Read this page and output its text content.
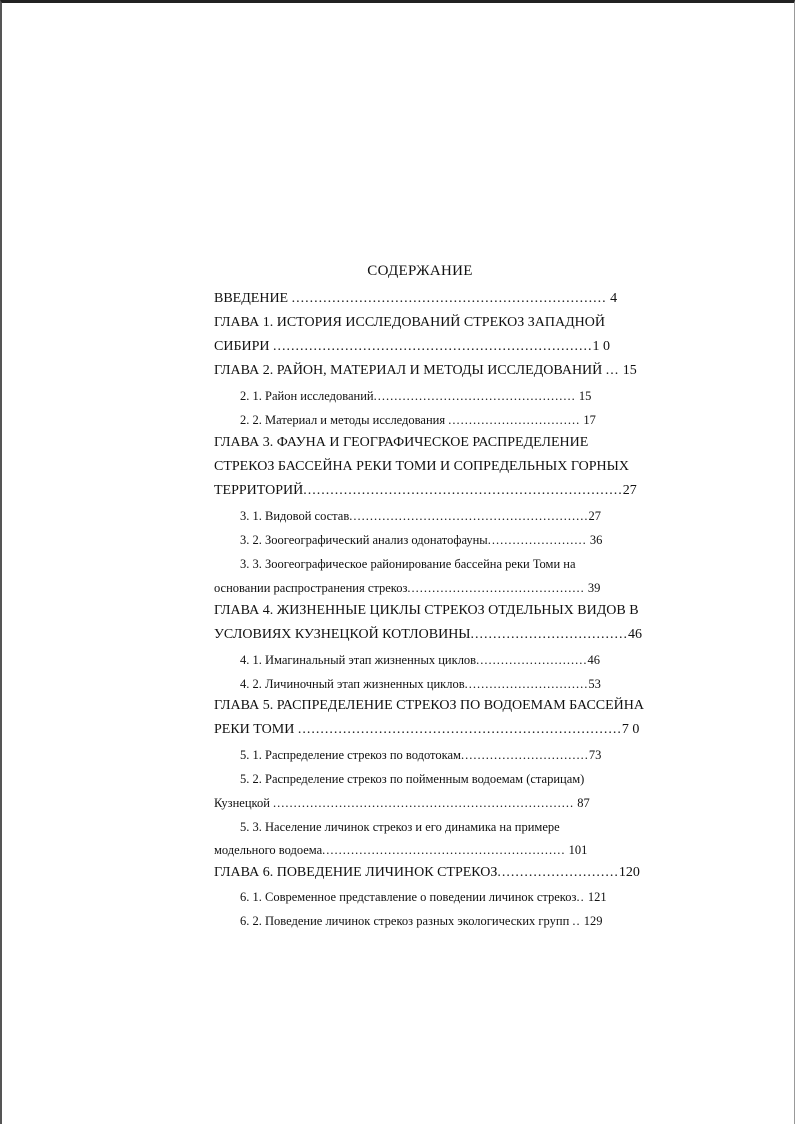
СОДЕРЖАНИЕ
ВВЕДЕНИЕ ...................................................................... 4
ГЛАВА 1. ИСТОРИЯ ИССЛЕДОВАНИЙ СТРЕКОЗ ЗАПАДНОЙ
СИБИРИ .......................................................................1 0
ГЛАВА 2. РАЙОН, МАТЕРИАЛ И МЕТОДЫ ИССЛЕДОВАНИЙ ... 15
2. 1. Район исследований................................................. 15
2. 2. Материал и методы исследования ................................ 17
ГЛАВА 3. ФАУНА И ГЕОГРАФИЧЕСКОЕ РАСПРЕДЕЛЕНИЕ
СТРЕКОЗ БАССЕЙНА РЕКИ ТОМИ И СОПРЕДЕЛЬНЫХ ГОРНЫХ
ТЕРРИТОРИЙ.......................................................................27
3. 1. Видовой состав..........................................................27
3. 2. Зоогеографический анализ одонатофауны........................ 36
3. 3. Зоогеографическое районирование бассейна реки Томи на
основании распространения стрекоз........................................... 39
ГЛАВА 4. ЖИЗНЕННЫЕ ЦИКЛЫ СТРЕКОЗ ОТДЕЛЬНЫХ ВИДОВ В
УСЛОВИЯХ КУЗНЕЦКОЙ КОТЛОВИНЫ...................................46
4. 1. Имагинальный этап жизненных циклов...........................46
4. 2. Личиночный этап жизненных циклов..............................53
ГЛАВА 5. РАСПРЕДЕЛЕНИЕ СТРЕКОЗ ПО ВОДОЕМАМ БАССЕЙНА
РЕКИ ТОМИ ........................................................................7 0
5. 1. Распределение стрекоз по водотокам...............................73
5. 2. Распределение стрекоз по пойменным водоемам (старицам)
Кузнецкой ......................................................................... 87
5. 3. Население личинок стрекоз и его динамика на примере
модельного водоема........................................................... 101
ГЛАВА 6. ПОВЕДЕНИЕ ЛИЧИНОК СТРЕКОЗ...........................120
6. 1. Современное представление о поведении личинок стрекоз.. 121
6. 2. Поведение личинок стрекоз разных экологических групп .. 129
